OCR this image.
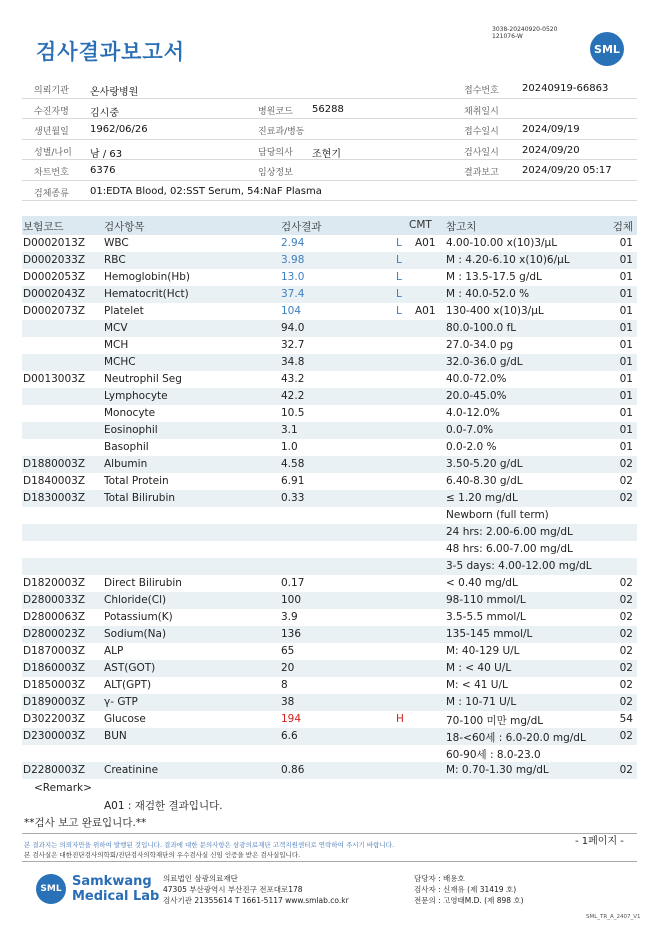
3038-20240920-0520
121076-W
검사결과보고서	SML
의뢰기관 온사랑병원	접수번호 20240919-66863
수진자명 김시중	병원코드 56288	채취일시
생년월일 1962/06/26	진료과/병동	접수일시 2024/09/19
성별/나이 남 / 63	담당의사 조현기	검사일시 2024/09/20
차트번호 6376	임상정보	결과보고 2024/09/20 05:17
검체종류 01:EDTA Blood, 02:SST Serum, 54:NaF Plasma
보험코드	검사항목	검사결과	CMT 참고치	검체
D0002013Z WBC	2.94	L A01 4.00-10.00 x(10)3/μL	01
D0002033Z RBC	3.98	L	M : 4.20-6.10 x(10)6/μL	01
D0002053Z Hemoglobin(Hb)	13.0	L	M : 13.5-17.5 g/dL	01
D0002043Z Hematocrit(Hct)	37.4	L	M : 40.0-52.0 %	01
D0002073Z Platelet	104	L A01 130-400 x(10)3/μL	01
MCV	94.0	80.0-100.0 fL	01
MCH	32.7	27.0-34.0 pg	01
MCHC	34.8	32.0-36.0 g/dL	01
D0013003Z Neutrophil Seg	43.2	40.0-72.0%	01
Lymphocyte	42.2	20.0-45.0%	01
Monocyte	10.5	4.0-12.0%	01
Eosinophil	3.1	0.0-7.0%	01
Basophil	1.0	0.0-2.0 %	01
D1880003Z Albumin	4.58	3.50-5.20 g/dL	02
D1840003Z Total Protein	6.91	6.40-8.30 g/dL	02
D1830003Z Total Bilirubin	0.33	≤ 1.20 mg/dL	02
Newborn (full term)
24 hrs: 2.00-6.00 mg/dL
48 hrs: 6.00-7.00 mg/dL
3-5 days: 4.00-12.00 mg/dL
D1820003Z Direct Bilirubin	0.17	< 0.40 mg/dL	02
D2800033Z Chloride(Cl)	100	98-110 mmol/L	02
D2800063Z Potassium(K)	3.9	3.5-5.5 mmol/L	02
D2800023Z Sodium(Na)	136	135-145 mmol/L	02
D1870003Z ALP	65	M: 40-129 U/L	02
D1860003Z AST(GOT)	20	M : < 40 U/L	02
D1850003Z ALT(GPT)	8	M: < 41 U/L	02
D1890003Z γ- GTP	38	M : 10-71 U/L	02
D3022003Z Glucose	194	H	70-100 미만 mg/dL	54
D2300003Z BUN	6.6	18-<60세 : 6.0-20.0 mg/dL	02
60-90세 : 8.0-23.0
D2280003Z Creatinine	0.86	M: 0.70-1.30 mg/dL	02
<Remark>
A01 : 재검한 결과입니다.
**검사 보고 완료입니다.**
- 1페이지 -
본 결과지는 의뢰자만을 위하여 발행된 것입니다. 결과에 대한 문의사항은 삼광의료재단 고객지원센터로 연락하여 주시기 바랍니다.
본 검사실은 대한진단검사의학회/진단검사의학재단의 우수검사실 신임 인증을 받은 검사실입니다.
SML Samkwang
Medical Lab
의료법인 삼광의료재단
47305 부산광역시 부산진구 전포대로178
검사기관 21355614 T 1661-5117 www.smlab.co.kr
담당자 : 배용호
검사자 : 신재유 (제 31419 호)
전문의 : 고영태M.D. (제 898 호)
SML_TR_A_2407_V1
